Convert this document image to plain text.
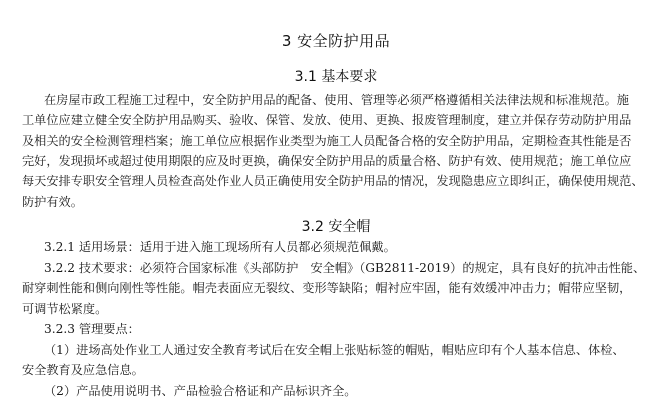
3 安全防护用品
3.1 基本要求
在房屋市政工程施工过程中，安全防护用品的配备、使用、管理等必须严格遵循相关法律法规和标准规范。施
工单位应建立健全安全防护用品购买、验收、保管、发放、使用、更换、报废管理制度，建立并保存劳动防护用品
及相关的安全检测管理档案；施工单位应根据作业类型为施工人员配备合格的安全防护用品，定期检查其性能是否
完好，发现损坏或超过使用期限的应及时更换，确保安全防护用品的质量合格、防护有效、使用规范；施工单位应
每天安排专职安全管理人员检查高处作业人员正确使用安全防护用品的情况，发现隐患应立即纠正，确保使用规范、
防护有效。
3.2 安全帽
3.2.1 适用场景：适用于进入施工现场所有人员都必须规范佩戴。
3.2.2 技术要求：必须符合国家标准《头部防护　安全帽》（GB2811-2019）的规定，具有良好的抗冲击性能、
耐穿刺性能和侧向刚性等性能。帽壳表面应无裂纹、变形等缺陷；帽衬应牢固，能有效缓冲冲击力；帽带应坚韧，
可调节松紧度。
3.2.3 管理要点：
（1）进场高处作业工人通过安全教育考试后在安全帽上张贴标签的帽贴，帽贴应印有个人基本信息、体检、
安全教育及应急信息。
（2）产品使用说明书、产品检验合格证和产品标识齐全。
